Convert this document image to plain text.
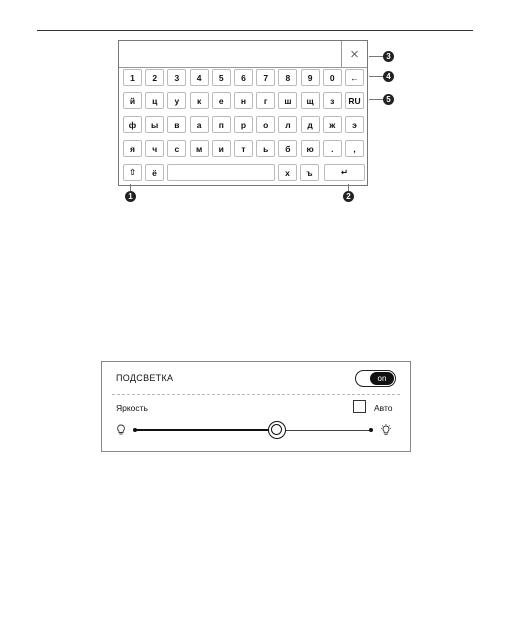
×
1	2	3	4	5	6	7	8	9	0	←
й	ц	у	к	е	н	г	ш	щ	з	RU
ф	ы	в	а	п	р	о	л	д	ж	э
я	ч	с	м	и	т	ь	б	ю	.	,
⇧	ё	х	ъ	↵
3
4
5
1	2
ПОДСВЕТКА	on
Яркость	Авто
